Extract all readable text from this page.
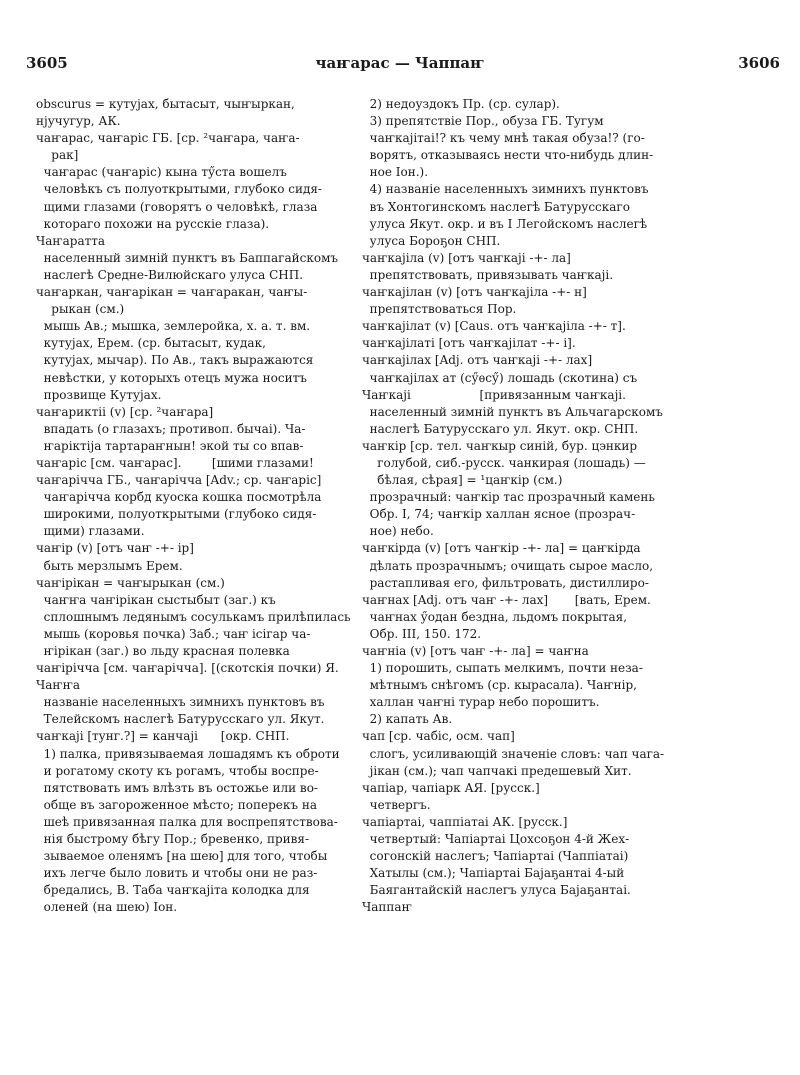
3605	чаҥарас — Чаппаҥ	3606
obscurus = кутујах, бытасыт, чыҥыркан,
нјучугур, АК.
чаҥарас, чаҥаріс ГБ. [ср. ²чаҥара, чаҥа-
рак]
чаҥарас (чаҥаріс) кына тӳста вошелъ
человѣкъ съ полуоткрытыми, глубоко сидя-
щими глазами (говорятъ о человѣкѣ, глаза
котораго похожи на русскіе глаза).
Чаҥаратта
населенный зимній пунктъ въ Баппагайскомъ
наслегѣ Средне-Вилюйскаго улуса СНП.
чаҥаркан, чаҥарікан = чаҥаракан, чаҥы-
рыкан (см.)
мышь Ав.; мышка, землеройка, х. а. т. вм.
кутујах, Ерем. (ср. бытасыт, кудак,
кутујах, мычар). По Ав., такъ выражаются
невѣстки, у которыхъ отецъ мужа носитъ
прозвище Кутујах.
чаҥариктіі (v) [ср. ²чаҥара]
впадать (о глазахъ; противоп. бычаі). Ча-
ҥаріктіја тартараҥнын! экой ты со впав-
чаҥаріс [см. чаҥарас].        [шими глазами!
чаҥарічча ГБ., чаҥарічча [Adv.; ср. чаҥаріс]
чаҥарічча корбд куоска кошка посмотрѣла
широкими, полуоткрытыми (глубоко сидя-
щими) глазами.
чаҥір (v) [отъ чаҥ -+- ір]
быть мерзлымъ Ерем.
чаҥірікан = чаҥырыкан (см.)
чаҥҥа чаҥірікан сыстыбыт (заг.) къ
сплошнымъ ледянымъ сосулькамъ прилѣпилась
мышь (коровья почка) Заб.; чаҥ ісігар ча-
ҥірікан (заг.) во льду красная полевка
чаҥірічча [см. чаҥарічча]. [(скотскія почки) Я.
Чаҥҥа
названіе населенныхъ зимнихъ пунктовъ въ
Телейскомъ наслегѣ Батурусскаго ул. Якут.
чаҥкајі [тунг.?] = канчајі      [окр. СНП.
1) палка, привязываемая лошадямъ къ оброти
и рогатому скоту къ рогамъ, чтобы воспре-
пятствовать имъ влѣзть въ остожье или во-
обще въ загороженное мѣсто; поперекъ на
шеѣ привязанная палка для воспрепятствова-
нія быстрому бѣгу Пор.; бревенко, привя-
зываемое оленямъ [на шею] для того, чтобы
ихъ легче было ловить и чтобы они не раз-
бредались, В. Таба чаҥкајіта колодка для
оленей (на шею) Іон.
2) недоуздокъ Пр. (ср. сулар).
3) препятствіе Пор., обуза ГБ. Тугум
чаҥкајітаі!? къ чему мнѣ такая обуза!? (го-
ворятъ, отказываясь нести что-нибудь длин-
ное Іон.).
4) названіе населенныхъ зимнихъ пунктовъ
въ Хонтогинскомъ наслегѣ Батурусскаго
улуса Якут. окр. и въ І Легойскомъ наслегѣ
улуса Бороҕон СНП.
чаҥкајіла (v) [отъ чаҥкајі -+- ла]
препятствовать, привязывать чаҥкајі.
чаҥкајілан (v) [отъ чаҥкајіла -+- н]
препятствоваться Пор.
чаҥкајілат (v) [Caus. отъ чаҥкајіла -+- т].
чаҥкајілаті [отъ чаҥкајілат -+- і].
чаҥкајілах [Adj. отъ чаҥкајі -+- лах]
чаҥкајілах ат (сӳѳсӳ) лошадь (скотина) съ
Чаҥкајі                  [привязанным чаҥкајі.
населенный зимній пунктъ въ Альчагарскомъ
наслегѣ Батурусскаго ул. Якут. окр. СНП.
чаҥкір [ср. тел. чаҥкыр синій, бур. цэнкир
голубой, сиб.-русск. чанкирая (лошадь) —
бѣлая, сѣрая] = ¹цаҥкір (см.)
прозрачный: чаҥкір тас прозрачный камень
Обр. І, 74; чаҥкір халлан ясное (прозрач-
ное) небо.
чаҥкірда (v) [отъ чаҥкір -+- ла] = цаҥкірда
дѣлать прозрачнымъ; очищать сырое масло,
растапливая его, фильтровать, дистиллиро-
чаҥнах [Adj. отъ чаҥ -+- лах]       [вать, Ерем.
чаҥнах ӳодан бездна, льдомъ покрытая,
Обр. ІІІ, 150. 172.
чаҥніа (v) [отъ чаҥ -+- ла] = чаҥна
1) порошить, сыпать мелкимъ, почти неза-
мѣтнымъ снѣгомъ (ср. кырасала). Чаҥнір,
халлан чаҥні турар небо порошитъ.
2) капать Ав.
чап [ср. чабіс, осм. чап]
слогъ, усиливающій значеніе словъ: чап чага-
јікан (см.); чап чапчакі предешевый Хит.
чапіар, чапіарк АЯ. [русск.]
четвергъ.
чапіартаі, чаппіатаі АК. [русск.]
четвертый: Чапіартаі Цохсоҕон 4-й Жех-
согонскій наслегъ; Чапіартаі (Чаппіатаі)
Хатылы (см.); Чапіартаі Бајаҕантаі 4-ый
Баягантайскій наслегъ улуса Бајаҕантаі.
Чаппаҥ
